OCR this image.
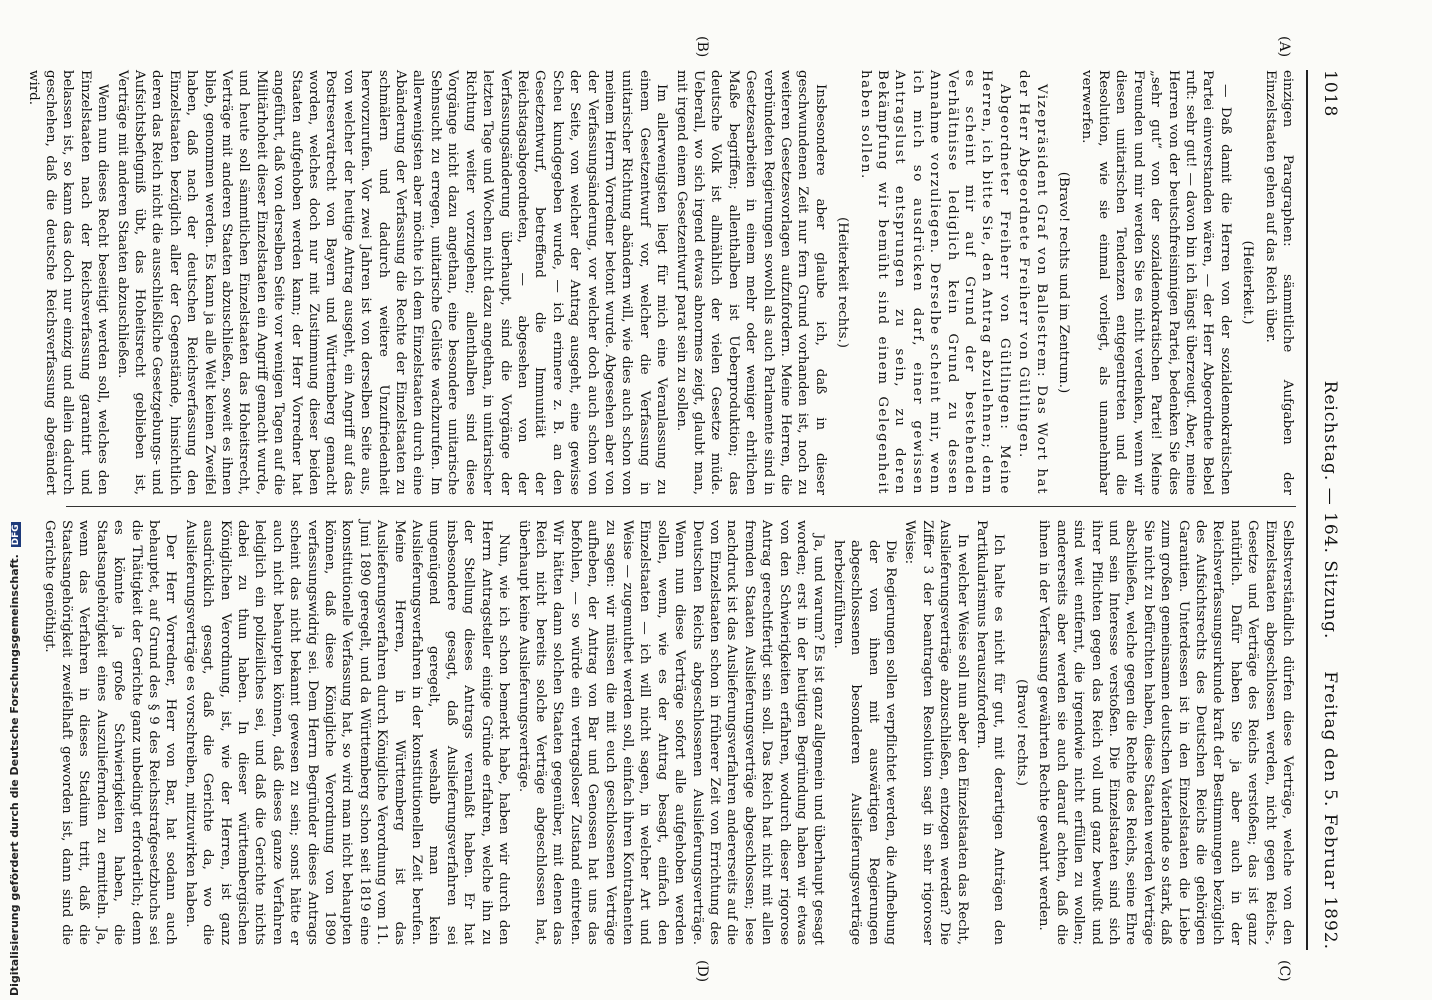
1018
Reichstag. — 164. Sitzung.
Freitag den 5. Februar 1892.
(A)
(B)
(C)
(D)

einzigen Paragraphen: sämmtliche Aufgaben der Einzelstaaten gehen auf das Reich über.

(Heiterkeit.)

— Daß damit die Herren von der sozialdemokratischen Partei einverstanden wären, — der Herr Abgeordnete Bebel ruft: sehr gut! — davon bin ich längst überzeugt. Aber, meine Herren von der beutschfreisinnigen Partei, bedenken Sie dies „sehr gut“ von der sozialdemokratischen Partei! Meine Freunden und mir werden Sie es nicht verdenken, wenn wir diesen unitarischen Tendenzen entgegentreten und die Resolution, wie sie einmal vorliegt, als unannehmbar verwerfen.

(Bravo! rechts und im Zentrum.)

Vizepräsident Graf von Ballestrem: Das Wort hat der Herr Abgeordnete Freiherr von Gültlingen.

Abgeordneter Freiherr von Gültlingen: Meine Herren, ich bitte Sie, den Antrag abzulehnen; denn es scheint mir auf Grund der bestehenden Verhältnisse lediglich kein Grund zu dessen Annahme vorzuliegen. Derselbe scheint mir, wenn ich mich so ausdrücken darf, einer gewissen Antragslust entsprungen zu sein, zu deren Bekämpfung wir bemüht sind einem Gelegenheit haben sollen.

(Heiterkeit rechts.)

Insbesondere aber glaube ich, daß in dieser geschwundenen Zeit nur fern Grund vorhanden ist, noch zu weiteren Gesetzesvorlagen aufzufordern. Meine Herren, die verbündeten Regierungen sowohl als auch Parlamente sind in Gesetzesarbeiten in einem mehr oder weniger ehrlichen Maße begriffen; allenthalben ist Ueberproduktion; das deutsche Volk ist allmählich der vielen Gesetze müde. Ueberall, wo sich irgend etwas abnormes zeigt, glaubt man, mit irgend einem Gesetzentwurf parat sein zu sollen.

Im allerwenigsten liegt für mich eine Veranlassung zu einem Gesetzentwurf vor, welcher die Verfassung in unitarischer Richtung abändern will, wie dies auch schon von meinem Herrn Vorredner betont wurde. Abgesehen aber von der Verfassungsänderung, vor welcher doch auch schon von der Seite, von welcher der Antrag ausgeht, eine gewisse Scheu kundgegeben wurde, — ich erinnere z. B. an den Gesetzentwurf, betreffend die Immunität der Reichstagsabgeordneten, — abgesehen von der Verfassungsänderung überhaupt, sind die Vorgänge der letzten Tage und Wochen nicht dazu angethan, in unitarischer Richtung weiter vorzugehen; allenthalben sind diese Vorgänge nicht dazu angethan, eine besondere unitarische Sehnsucht zu erregen, unitarische Gelüste wachzurufen. Im allerwenigsten aber möchte ich dem Einzelstaaten durch eine Abänderung der Verfassung die Rechte der Einzelstaaten zu schmälern und dadurch weitere Unzufriedenheit hervorzurufen. Vor zwei Jahren ist von derselben Seite aus, von welcher der heutige Antrag ausgeht, ein Angriff auf das Postreservatrecht von Bayern und Württemberg gemacht worden, welches doch nur mit Zustimmung dieser beiden Staaten aufgehoben werden kann; der Herr Vorredner hat angeführt, daß von derselben Seite vor wenigen Tagen auf die Militärhoheit dieser Einzelstaaten ein Angriff gemacht wurde, und heute soll sämmtlichen Einzelstaaten das Hoheitsrecht, Verträge mit anderen Staaten abzuschließen, soweit es ihnen blieb, genommen werden. Es kann ja alle Welt keinen Zweifel haben, daß nach der deutschen Reichsverfassung den Einzelstaaten bezüglich aller der Gegenstände, hinsichtlich deren das Reich nicht die ausschließliche Gesetzgebungs- und Aufsichtsbefugniß übt, das Hoheitsrecht geblieben ist, Verträge mit anderen Staaten abzuschließen.

Wenn nun dieses Recht beseitigt werden soll, welches den Einzelstaaten nach der Reichsverfassung garantirt und belassen ist, so kann das doch nur einzig und allein dadurch geschehen, daß die deutsche Reichsverfassung abgeändert wird.

Selbstverständlich dürfen diese Verträge, welche von den Einzelstaaten abgeschlossen werden, nicht gegen Reichs-, Gesetze und Verträge des Reichs verstoßen; das ist ganz natürlich. Dafür haben Sie ja aber auch in der Reichsverfassungsurkunde kraft der Bestimmungen bezüglich des Aufsichtsrechts des Deutschen Reichs die gehörigen Garantien. Unterdessen ist in den Einzelstaaten die Liebe zum großen gemeinsamen deutschen Vaterlande so stark, daß Sie nicht zu befürchten haben, diese Staaten werden Verträge abschließen, welche gegen die Rechte des Reichs, seine Ehre und sein Interesse verstoßen. Die Einzelstaaten sind sich ihrer Pflichten gegen das Reich voll und ganz bewußt und sind weit entfernt, die irgendwie nicht erfüllen zu wollen; andererseits aber werden sie auch darauf achten, daß die ihnen in der Verfassung gewährten Rechte gewahrt werden.

(Bravo! rechts.)

Ich halte es nicht für gut, mit derartigen Anträgen den Partikularismus herauszufordern.

In welcher Weise soll nun aber den Einzelstaaten das Recht, Auslieferungsverträge abzuschließen, entzogen werden? Die Ziffer 3 der beantragten Resolution sagt in sehr rigoroser Weise:

Die Regierungen sollen verpflichtet werden, die Aufhebung der von ihnen mit auswärtigen Regierungen abgeschlossenen besonderen Auslieferungsverträge herbeizuführen.

Ja, und warum? Es ist ganz allgemein und überhaupt gesagt worden; erst in der heutigen Begründung haben wir etwas von den Schwierigkeiten erfahren, wodurch dieser rigorose Antrag gerechtfertigt sein soll. Das Reich hat nicht mit allen fremden Staaten Auslieferungsverträge abgeschlossen; lese nachdruck ist das Auslieferungsverfahren andererseits auf die von Einzelstaaten schon in früherer Zeit von Errichtung des Deutschen Reichs abgeschlossenen Auslieferungsverträge. Wenn nun diese Verträge sofort alle aufgehoben werden sollen, wenn, wie es der Antrag besagt, einfach den Einzelstaaten — ich will nicht sagen, in welcher Art und Weise — zugemuthet werden soll, einfach ihren Kontrahenten zu sagen: wir müssen die mit euch geschlossenen Verträge aufheben, der Antrag von Bar und Genossen hat uns das befohlen, — so würde ein vertragsloser Zustand eintreten. Wir hätten dann solchen Staaten gegenüber, mit denen das Reich nicht bereits solche Verträge abgeschlossen hat, überhaupt keine Auslieferungsverträge.

Nun, wie ich schon bemerkt habe, haben wir durch den Herrn Antragsteller einige Gründe erfahren, welche ihn zu der Stellung dieses Antrags veranlaßt haben. Er hat insbesondere gesagt, daß Auslieferungsverfahren sei ungenügend geregelt, weshalb man kein Auslieferungsverfahren in der konstitutionellen Zeit berufen. Meine Herren, in Württemberg ist das Auslieferungsverfahren durch Königliche Verordnung vom 11. Juni 1890 geregelt, und da Württemberg schon seit 1819 eine konstitutionelle Verfassung hat, so wird man nicht behaupten können, daß diese Königliche Verordnung von 1890 verfassungswidrig sei. Dem Herrn Begründer dieses Antrags scheint das nicht bekannt gewesen zu sein; sonst hätte er auch nicht behaupten können, daß dieses ganze Verfahren lediglich ein polizeiliches sei, und daß die Gerichte nichts dabei zu thun haben. In dieser württembergischen Königlichen Verordnung, ist, wie der Herren, ist ganz ausdrücklich gesagt, daß die Gerichte da, wo die Auslieferungsverträge es vorschreiben, mitzuwirken haben.

Der Herr Vorredner, Herr von Bar, hat sodann auch behauptet, auf Grund des § 9 des Reichsstrafgesetzbuchs sei die Thätigkeit der Gerichte ganz unbedingt erforderlich; denn es könnte ja große Schwierigkeiten haben, die Staatsangehörigkeit eines Auszuliefernden zu ermitteln. Ja, wenn das Verfahren in dieses Stadium tritt, daß die Staatsangehörigkeit zweifelhaft geworden ist, dann sind die Gerichte genöthigt.

Digitalisierung gefördert durch die Deutsche Forschungsgemeinschaft. DFG
